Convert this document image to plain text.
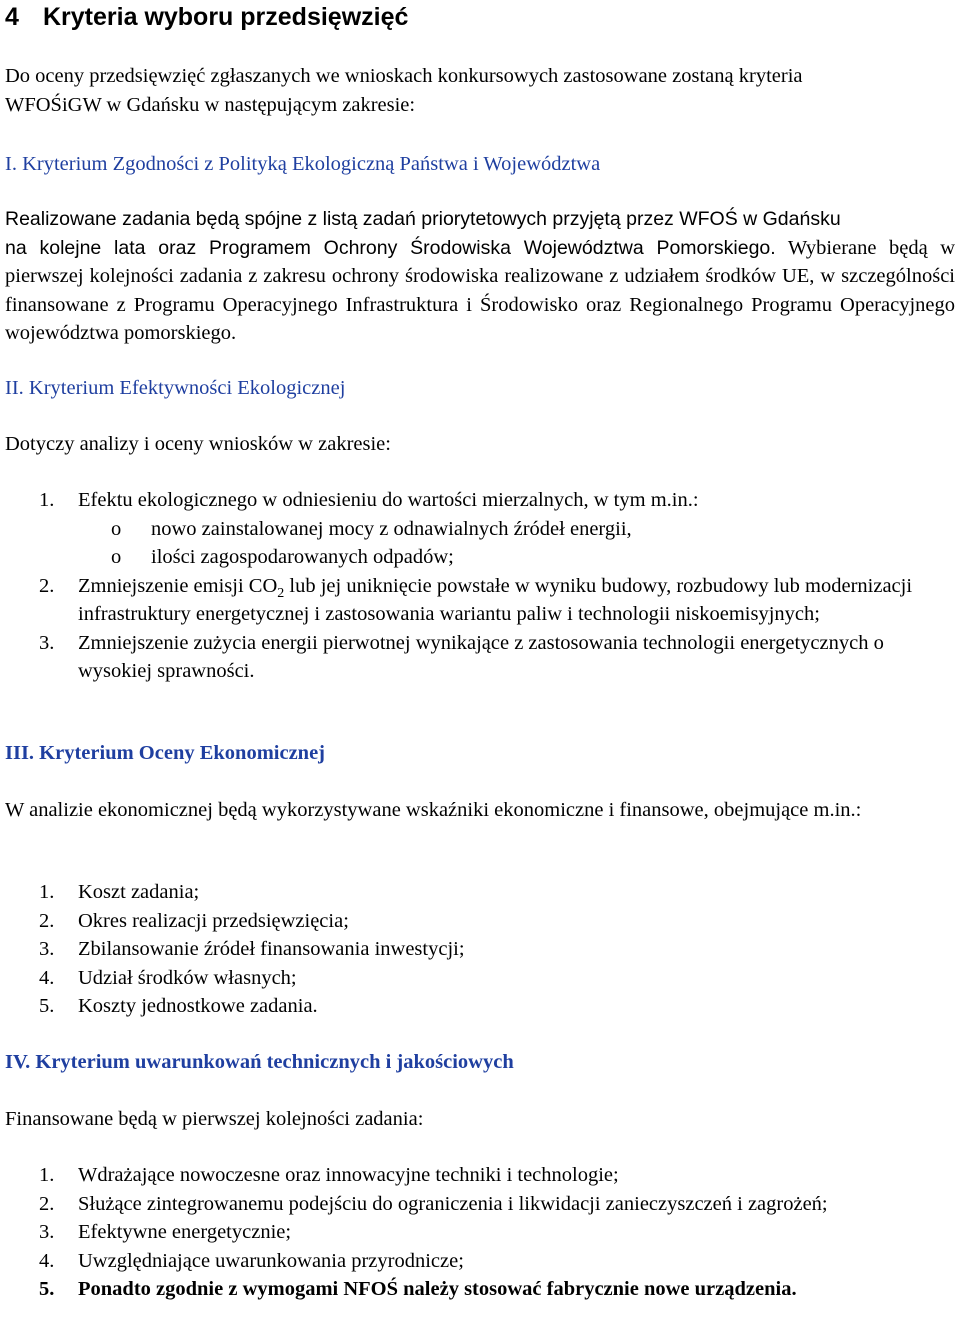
4 Kryteria wyboru przedsięwzięć
Do oceny przedsięwzięć zgłaszanych we wnioskach konkursowych zastosowane zostaną kryteria
WFOŚiGW w Gdańsku w następującym zakresie:
I. Kryterium Zgodności z Polityką Ekologiczną Państwa i Województwa
Realizowane zadania będą spójne z listą zadań priorytetowych przyjętą przez WFOŚ w Gdańsku
na kolejne lata oraz Programem Ochrony Środowiska Województwa Pomorskiego. Wybierane będą w pierwszej kolejności zadania z zakresu ochrony środowiska realizowane z udziałem środków UE, w szczególności finansowane z Programu Operacyjnego Infrastruktura i Środowisko oraz Regionalnego Programu Operacyjnego województwa pomorskiego.
II. Kryterium Efektywności Ekologicznej
Dotyczy analizy i oceny wniosków w zakresie:
1. Efektu ekologicznego w odniesieniu do wartości mierzalnych, w tym m.in.:
o nowo zainstalowanej mocy z odnawialnych źródeł energii,
o ilości zagospodarowanych odpadów;
2. Zmniejszenie emisji $CO_2$ lub jej uniknięcie powstałe w wyniku budowy, rozbudowy lub modernizacji infrastruktury energetycznej i zastosowania wariantu paliw i technologii niskoemisyjnych;
3. Zmniejszenie zużycia energii pierwotnej wynikające z zastosowania technologii energetycznych o wysokiej sprawności.
III. Kryterium Oceny Ekonomicznej
W analizie ekonomicznej będą wykorzystywane wskaźniki ekonomiczne i finansowe, obejmujące m.in.:
1. Koszt zadania;
2. Okres realizacji przedsięwzięcia;
3. Zbilansowanie źródeł finansowania inwestycji;
4. Udział środków własnych;
5. Koszty jednostkowe zadania.
IV. Kryterium uwarunkowań technicznych i jakościowych
Finansowane będą w pierwszej kolejności zadania:
1. Wdrażające nowoczesne oraz innowacyjne techniki i technologie;
2. Służące zintegrowanemu podejściu do ograniczenia i likwidacji zanieczyszczeń i zagrożeń;
3. Efektywne energetycznie;
4. Uwzględniające uwarunkowania przyrodnicze;
5. Ponadto zgodnie z wymogami NFOŚ należy stosować fabrycznie nowe urządzenia.
